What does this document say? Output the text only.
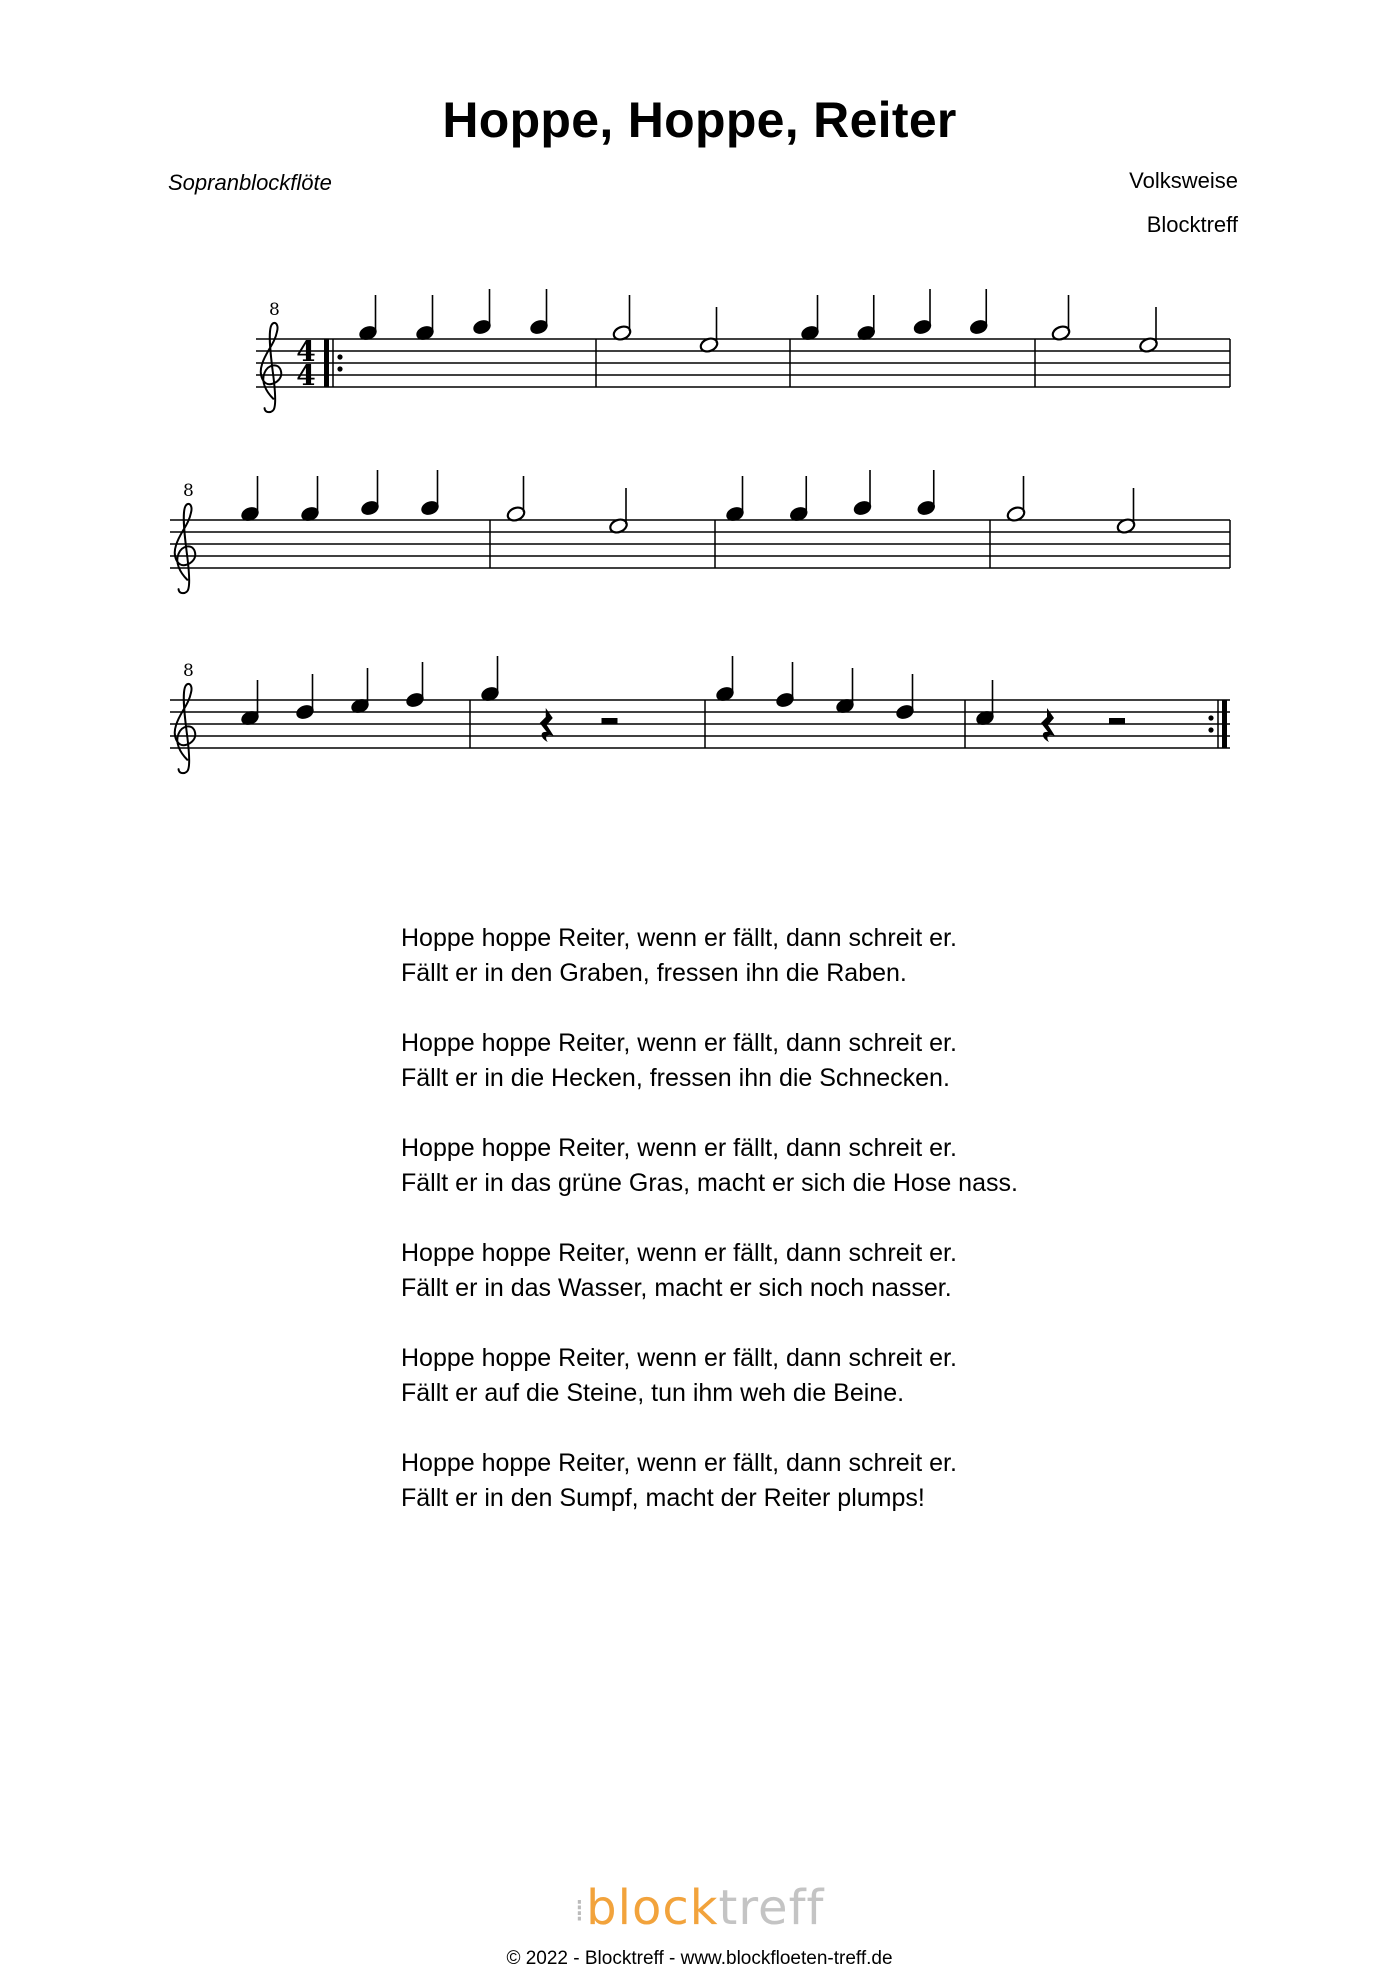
Hoppe, Hoppe, Reiter
Sopranblockflöte	Volksweise
Blocktreff
8
4
4
8
8
Hoppe hoppe Reiter, wenn er fällt, dann schreit er.
Fällt er in den Graben, fressen ihn die Raben.
Hoppe hoppe Reiter, wenn er fällt, dann schreit er.
Fällt er in die Hecken, fressen ihn die Schnecken.
Hoppe hoppe Reiter, wenn er fällt, dann schreit er.
Fällt er in das grüne Gras, macht er sich die Hose nass.
Hoppe hoppe Reiter, wenn er fällt, dann schreit er.
Fällt er in das Wasser, macht er sich noch nasser.
Hoppe hoppe Reiter, wenn er fällt, dann schreit er.
Fällt er auf die Steine, tun ihm weh die Beine.
Hoppe hoppe Reiter, wenn er fällt, dann schreit er.
Fällt er in den Sumpf, macht der Reiter plumps!
⁞blocktreff
© 2022 - Blocktreff - www.blockfloeten-treff.de
